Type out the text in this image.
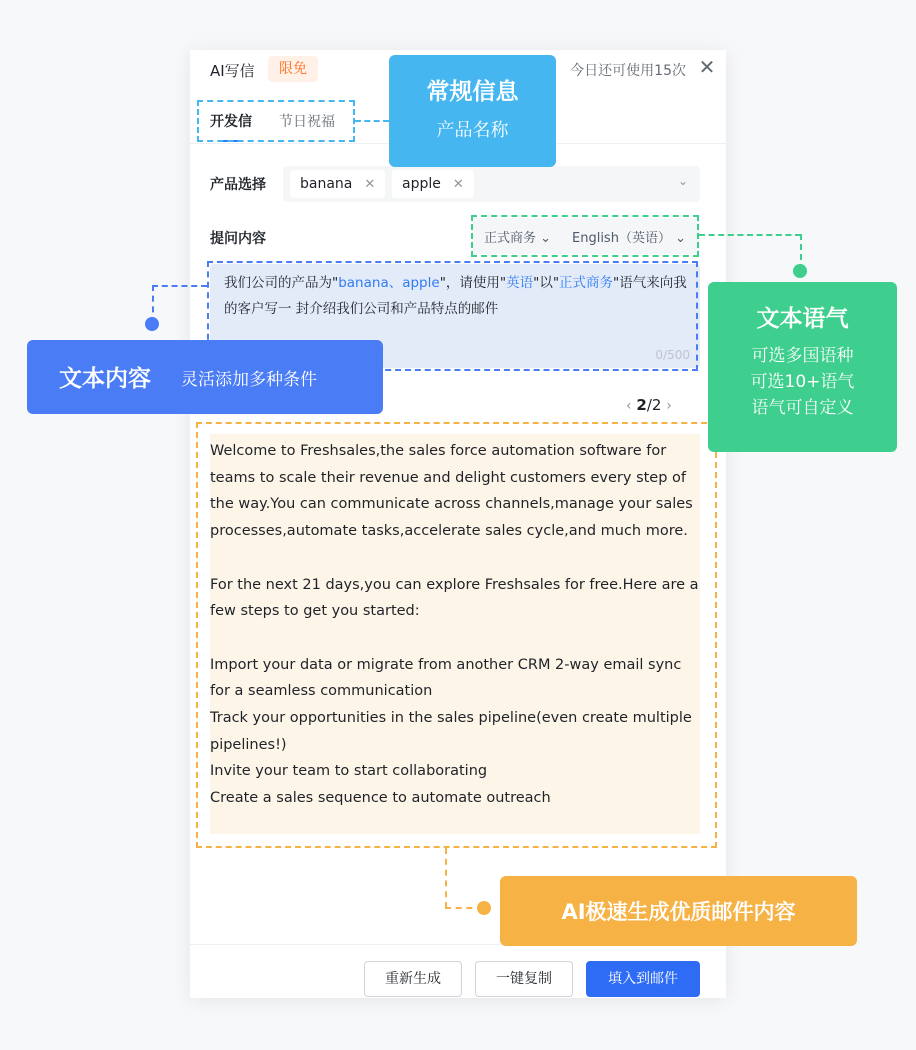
AI写信	限免	今日还可使用15次 ✕
开发信 节日祝福
产品选择	banana ✕	apple ✕	⌄
提问内容	正式商务 ⌄ English（英语） ⌄
我们公司的产品为"banana、apple"，请使用"英语"以"正式商务"语气来向我的客户写一 封介绍我们公司和产品特点的邮件
0/500
‹ 2/2 ›

Welcome to Freshsales,the sales force automation software for teams to scale their revenue and delight customers every step of the way.You can communicate across channels,manage your sales processes,automate tasks,accelerate sales cycle,and much more.

For the next 21 days,you can explore Freshsales for free.Here are a few steps to get you started:

Import your data or migrate from another CRM 2-way email sync for a seamless communication

Track your opportunities in the sales pipeline(even create multiple pipelines!)

Invite your team to start collaborating

Create a sales sequence to automate outreach

重新生成	一键复制	填入到邮件
常规信息
产品名称
文本语气
可选多国语种
可选10+语气
语气可自定义
文本内容 灵活添加多种条件
AI极速生成优质邮件内容
